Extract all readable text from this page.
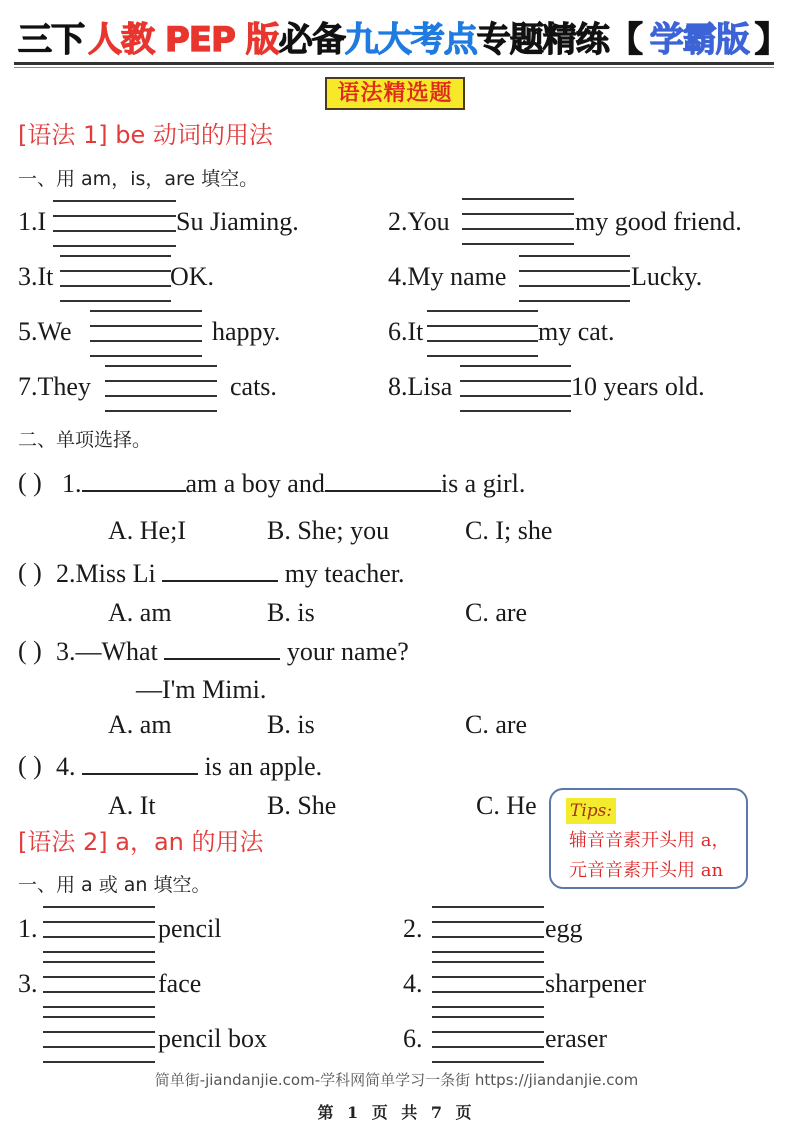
三下 人教 PEP 版必备九大考点专题精练【 学霸版 】
语法精选题
[语法 1] be 动词的用法
一、用 am，is，are 填空。
1.I	Su Jiaming.	2.You	my good friend.
3.It	OK.	4.My name	Lucky.
5.We	happy.	6.It	my cat.
7.They	cats.	8.Lisa	10 years old.
二、单项选择。
( ) 1.	am a boy and	is a girl.
A. He;I	B. She; you	C. I; she
( ) 2.Miss Li	my teacher.
A. am	B. is	C. are
( ) 3.—What	your name?
—I'm Mimi.
A. am	B. is	C. are
( ) 4.	is an apple.
A. It	B. She	C. He Tips:
辅音音素开头用 a，
元音音素开头用 an
[语法 2] a，an 的用法
一、用 a 或 an 填空。
1.	pencil	2.	egg
3.	face	4.	sharpener
pencil box	6.	eraser
简单街-jiandanjie.com-学科网简单学习一条街 https://jiandanjie.com
第 1 页 共 7 页
